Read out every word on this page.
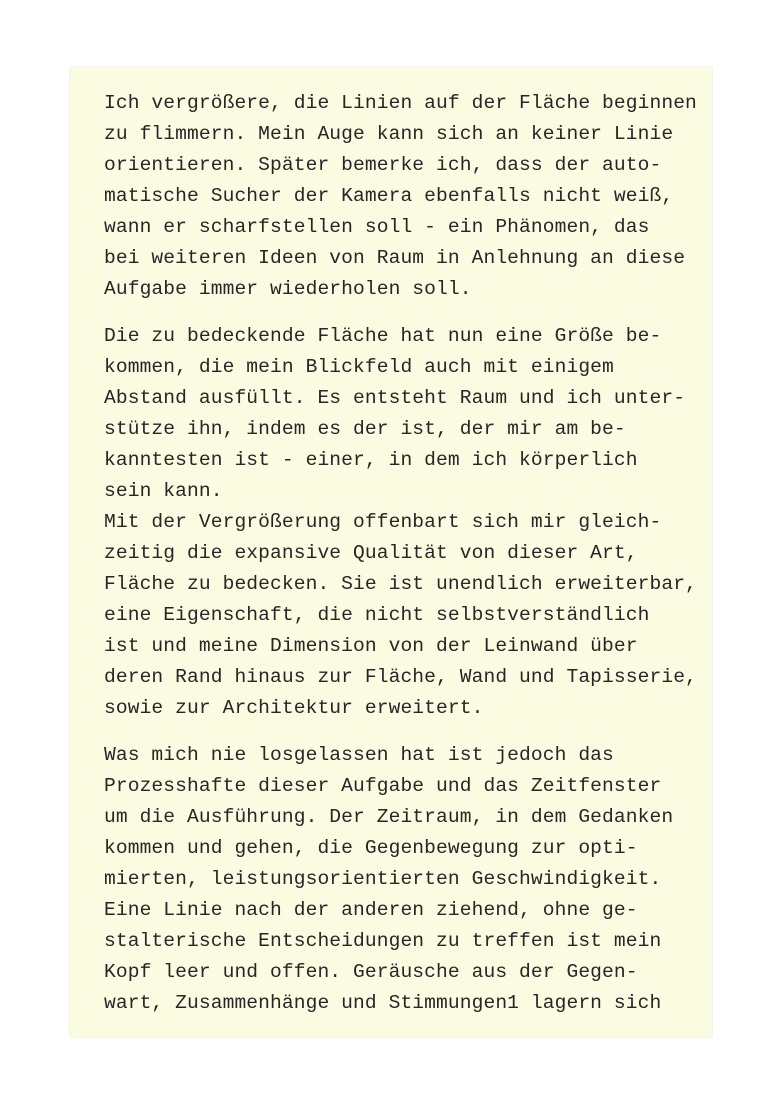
Ich vergrößere, die Linien auf der Fläche beginnen
zu flimmern. Mein Auge kann sich an keiner Linie
orientieren. Später bemerke ich, dass der auto-
matische Sucher der Kamera ebenfalls nicht weiß,
wann er scharfstellen soll - ein Phänomen, das
bei weiteren Ideen von Raum in Anlehnung an diese
Aufgabe immer wiederholen soll.
Die zu bedeckende Fläche hat nun eine Größe be-
kommen, die mein Blickfeld auch mit einigem
Abstand ausfüllt. Es entsteht Raum und ich unter-
stütze ihn, indem es der ist, der mir am be-
kanntesten ist - einer, in dem ich körperlich
sein kann.
Mit der Vergrößerung offenbart sich mir gleich-
zeitig die expansive Qualität von dieser Art,
Fläche zu bedecken. Sie ist unendlich erweiterbar,
eine Eigenschaft, die nicht selbstverständlich
ist und meine Dimension von der Leinwand über
deren Rand hinaus zur Fläche, Wand und Tapisserie,
sowie zur Architektur erweitert.
Was mich nie losgelassen hat ist jedoch das
Prozesshafte dieser Aufgabe und das Zeitfenster
um die Ausführung. Der Zeitraum, in dem Gedanken
kommen und gehen, die Gegenbewegung zur opti-
mierten, leistungsorientierten Geschwindigkeit.
Eine Linie nach der anderen ziehend, ohne ge-
stalterische Entscheidungen zu treffen ist mein
Kopf leer und offen. Geräusche aus der Gegen-
wart, Zusammenhänge und Stimmungen1 lagern sich
